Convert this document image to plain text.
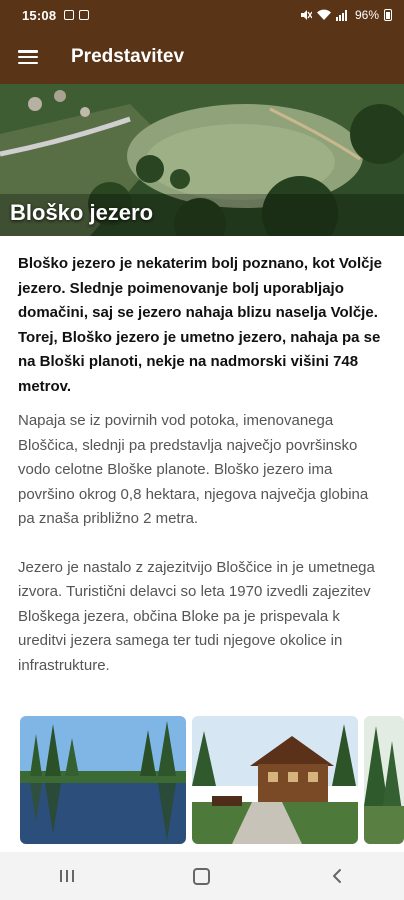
15:08	96%
Predstavitev
Bloško jezero

Bloško jezero je nekaterim bolj poznano, kot Volčje jezero. Slednje poimenovanje bolj uporabljajo domačini, saj se jezero nahaja blizu naselja Volčje. Torej, Bloško jezero je umetno jezero, nahaja pa se na Bloški planoti, nekje na nadmorski višini 748 metrov.

Napaja se iz povirnih vod potoka, imenovanega Bloščica, slednji pa predstavlja največjo površinsko vodo celotne Bloške planote. Bloško jezero ima površino okrog 0,8 hektara, njegova največja globina pa znaša približno 2 metra.

Jezero je nastalo z zajezitvijo Bloščice in je umetnega izvora. Turistični delavci so leta 1970 izvedli zajezitev Bloškega jezera, občina Bloke pa je prispevala k ureditvi jezera samega ter tudi njegove okolice in infrastrukture.
